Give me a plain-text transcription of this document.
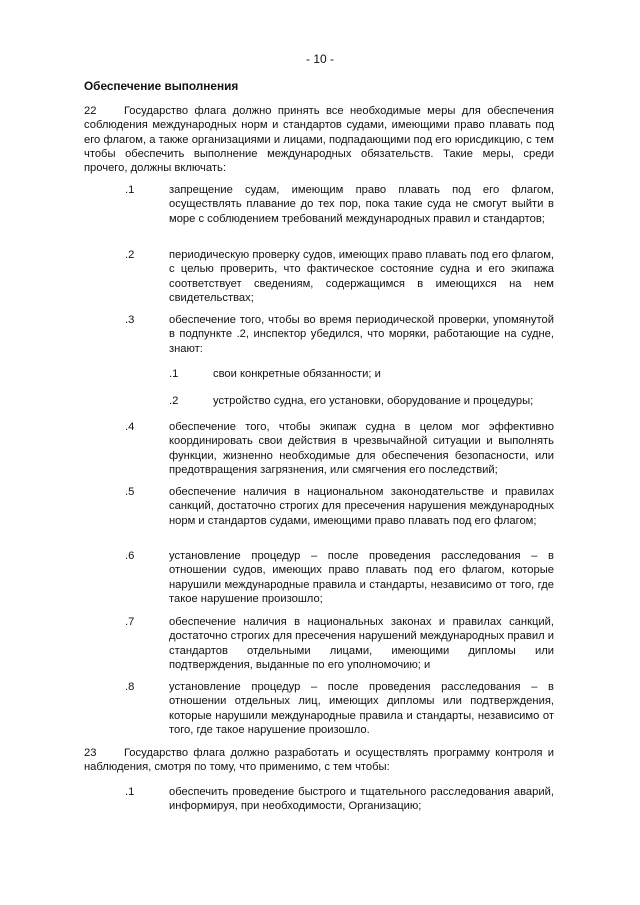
- 10 -
Обеспечение выполнения
22 Государство флага должно принять все необходимые меры для обеспечения соблюдения международных норм и стандартов судами, имеющими право плавать под его флагом, а также организациями и лицами, подпадающими под его юрисдикцию, с тем чтобы обеспечить выполнение международных обязательств. Такие меры, среди прочего, должны включать:
.1	запрещение судам, имеющим право плавать под его флагом, осуществлять плавание до тех пор, пока такие суда не смогут выйти в море с соблюдением требований международных правил и стандартов;
.2	периодическую проверку судов, имеющих право плавать под его флагом, с целью проверить, что фактическое состояние судна и его экипажа соответствует сведениям, содержащимся в имеющихся на нем свидетельствах;
.3	обеспечение того, чтобы во время периодической проверки, упомянутой в подпункте .2, инспектор убедился, что моряки, работающие на судне, знают:
.1	свои конкретные обязанности; и
.2	устройство судна, его установки, оборудование и процедуры;
.4	обеспечение того, чтобы экипаж судна в целом мог эффективно координировать свои действия в чрезвычайной ситуации и выполнять функции, жизненно необходимые для обеспечения безопасности, или предотвращения загрязнения, или смягчения его последствий;
.5	обеспечение наличия в национальном законодательстве и правилах санкций, достаточно строгих для пресечения нарушения международных норм и стандартов судами, имеющими право плавать под его флагом;
.6	установление процедур – после проведения расследования – в отношении судов, имеющих право плавать под его флагом, которые нарушили международные правила и стандарты, независимо от того, где такое нарушение произошло;
.7	обеспечение наличия в национальных законах и правилах санкций, достаточно строгих для пресечения нарушений международных правил и стандартов отдельными лицами, имеющими дипломы или подтверждения, выданные по его уполномочию; и
.8	установление процедур – после проведения расследования – в отношении отдельных лиц, имеющих дипломы или подтверждения, которые нарушили международные правила и стандарты, независимо от того, где такое нарушение произошло.
23 Государство флага должно разработать и осуществлять программу контроля и наблюдения, смотря по тому, что применимо, с тем чтобы:
.1	обеспечить проведение быстрого и тщательного расследования аварий, информируя, при необходимости, Организацию;
